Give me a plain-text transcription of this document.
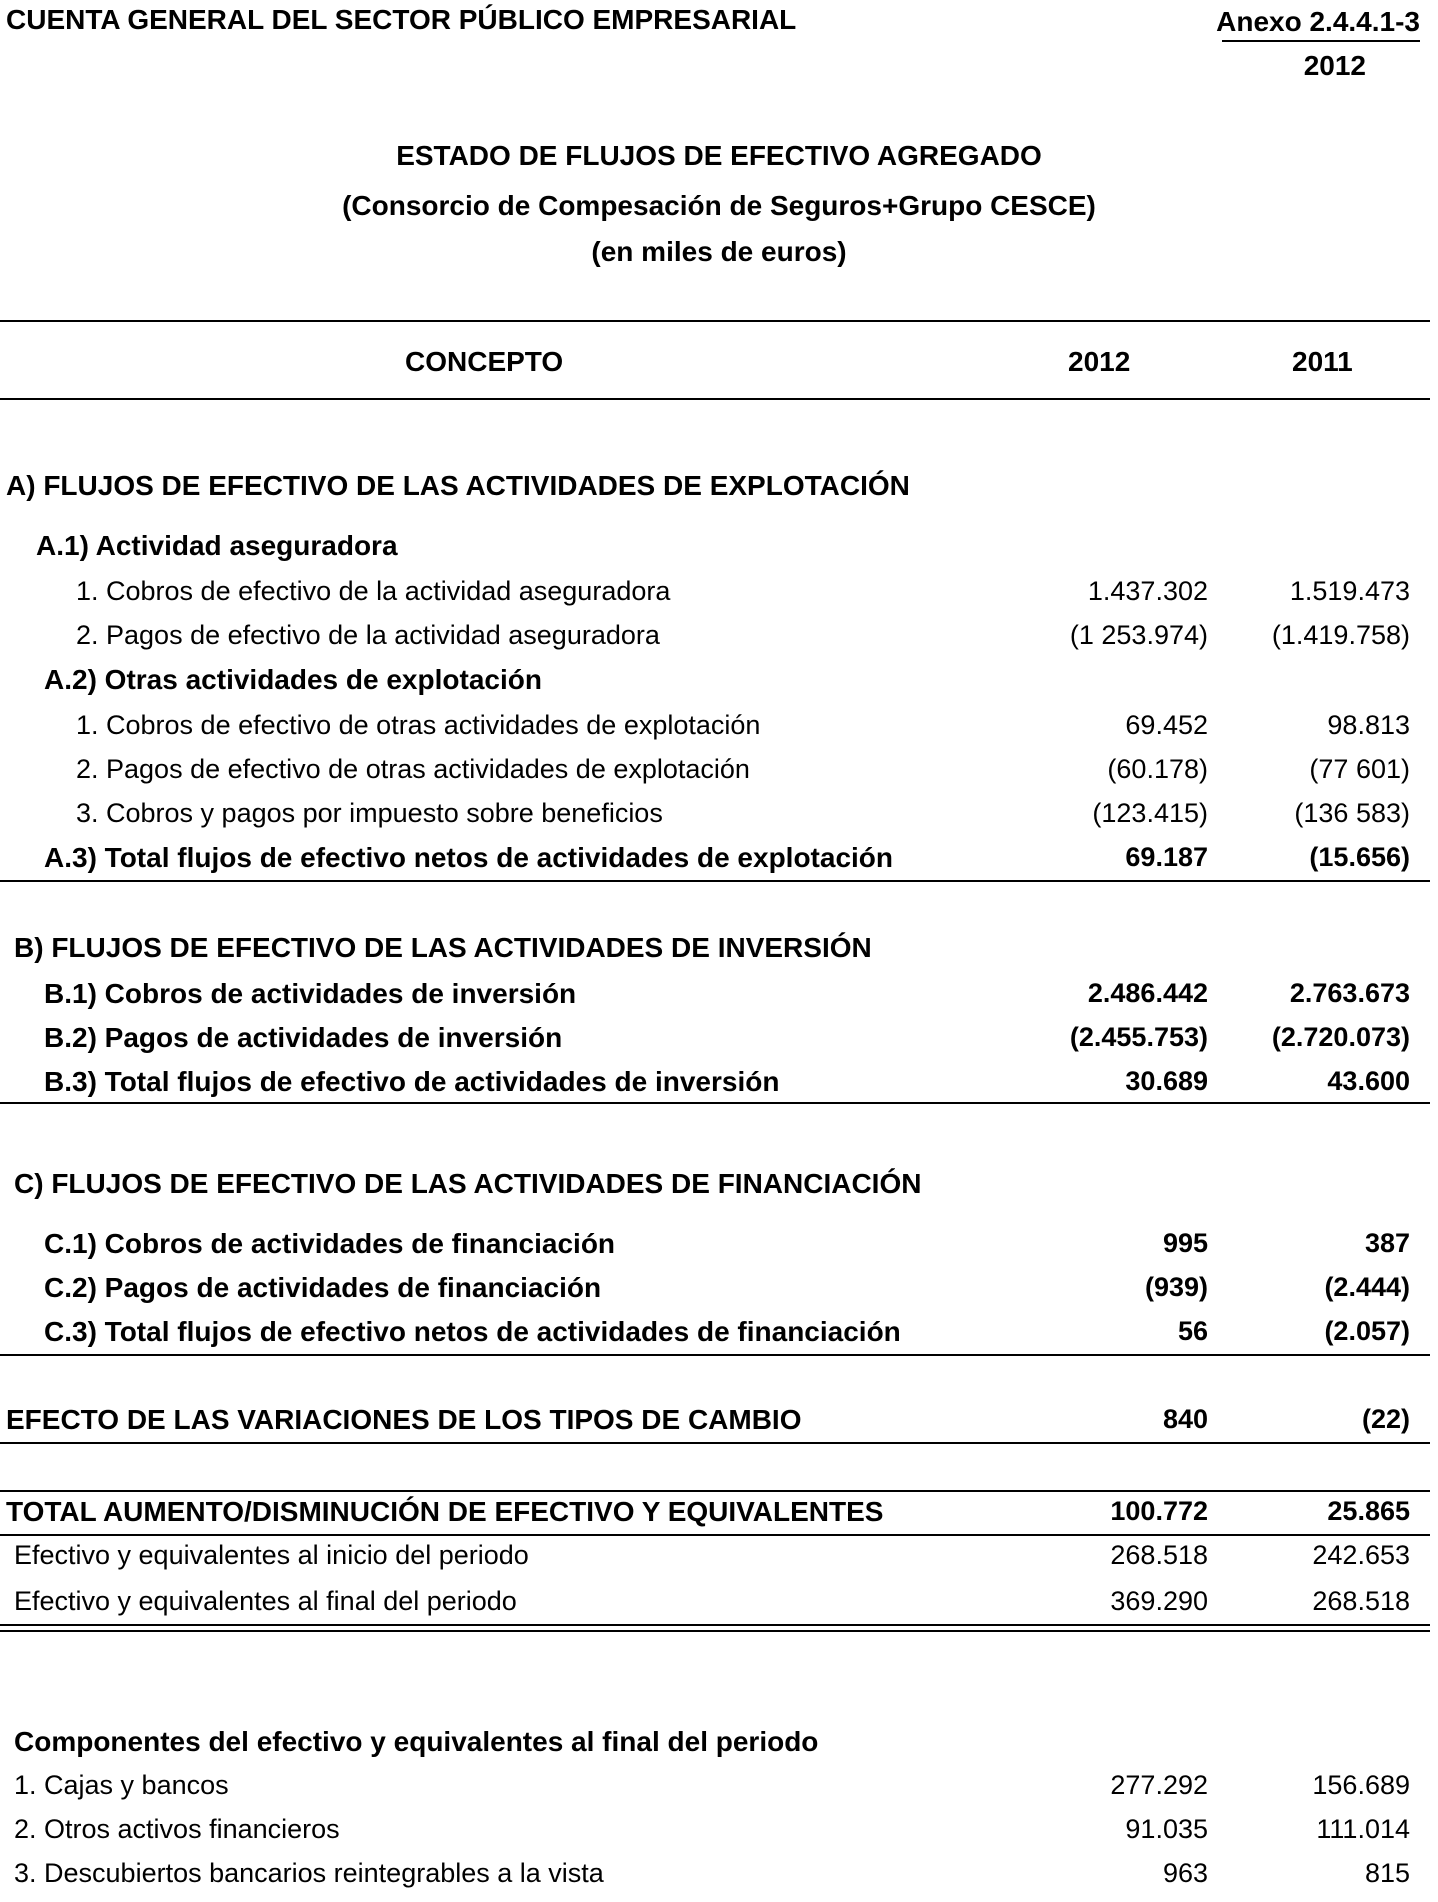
CUENTA GENERAL DEL SECTOR PÚBLICO EMPRESARIAL	Anexo 2.4.4.1-3
2012
ESTADO DE FLUJOS DE EFECTIVO AGREGADO
(Consorcio de Compesación de Seguros+Grupo CESCE)
(en miles de euros)
CONCEPTO	2012	2011
A) FLUJOS DE EFECTIVO DE LAS ACTIVIDADES DE EXPLOTACIÓN
A.1) Actividad aseguradora
1. Cobros de efectivo de la actividad aseguradora	1.437.302	1.519.473
2. Pagos de efectivo de la actividad aseguradora	(1 253.974) (1.419.758)
A.2) Otras actividades de explotación
1. Cobros de efectivo de otras actividades de explotación	69.452	98.813
2. Pagos de efectivo de otras actividades de explotación	(60.178)	(77 601)
3. Cobros y pagos por impuesto sobre beneficios	(123.415)	(136 583)
A.3) Total flujos de efectivo netos de actividades de explotación	69.187	(15.656)
B) FLUJOS DE EFECTIVO DE LAS ACTIVIDADES DE INVERSIÓN
B.1) Cobros de actividades de inversión	2.486.442	2.763.673
B.2) Pagos de actividades de inversión	(2.455.753) (2.720.073)
B.3) Total flujos de efectivo de actividades de inversión	30.689	43.600
C) FLUJOS DE EFECTIVO DE LAS ACTIVIDADES DE FINANCIACIÓN
C.1) Cobros de actividades de financiación	995	387
C.2) Pagos de actividades de financiación	(939)	(2.444)
C.3) Total flujos de efectivo netos de actividades de financiación	56	(2.057)
EFECTO DE LAS VARIACIONES DE LOS TIPOS DE CAMBIO	840	(22)
TOTAL AUMENTO/DISMINUCIÓN DE EFECTIVO Y EQUIVALENTES	100.772	25.865
Efectivo y equivalentes al inicio del periodo	268.518	242.653
Efectivo y equivalentes al final del periodo	369.290	268.518
Componentes del efectivo y equivalentes al final del periodo
1. Cajas y bancos	277.292	156.689
2. Otros activos financieros	91.035	111.014
3. Descubiertos bancarios reintegrables a la vista	963	815
